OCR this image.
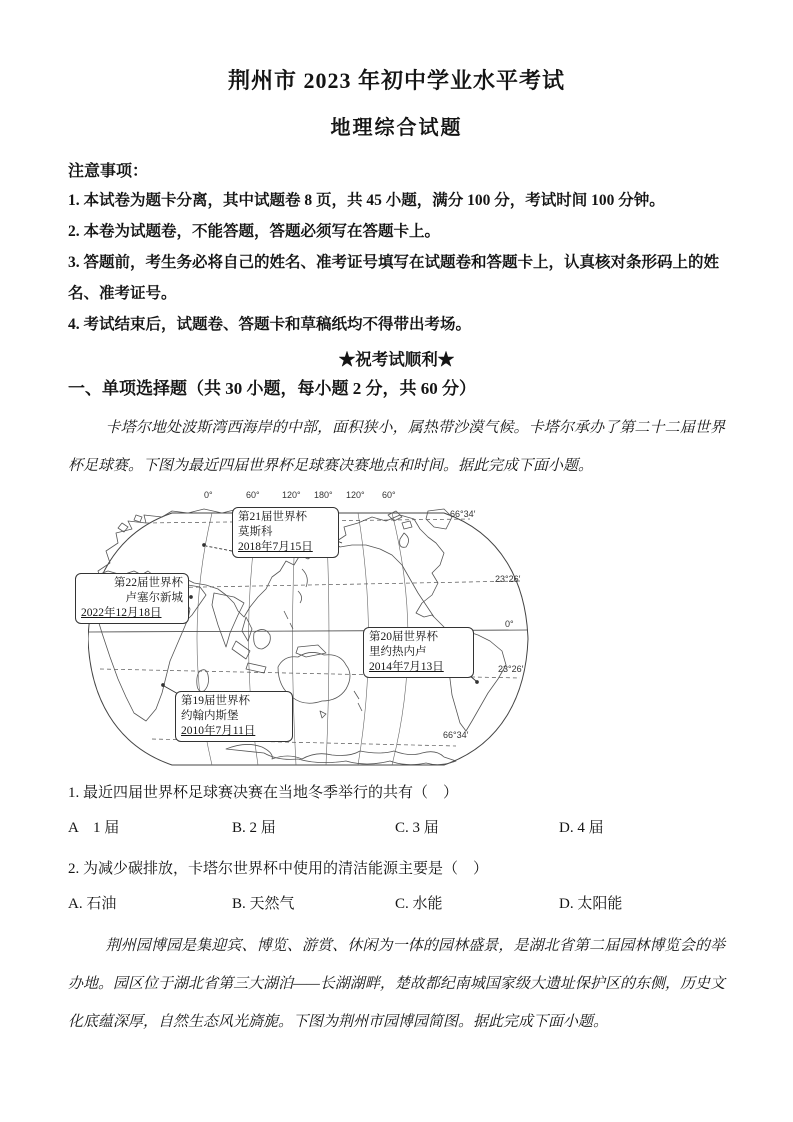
荆州市 2023 年初中学业水平考试
地理综合试题
注意事项：

1. 本试卷为题卡分离，其中试题卷 8 页，共 45 小题，满分 100 分，考试时间 100 分钟。

2. 本卷为试题卷，不能答题，答题必须写在答题卡上。

3. 答题前，考生务必将自己的姓名、准考证号填写在试题卷和答题卡上，认真核对条形码上的姓名、准考证号。

4. 考试结束后，试题卷、答题卡和草稿纸均不得带出考场。

★祝考试顺利★
一、单项选择题（共 30 小题，每小题 2 分，共 60 分）

卡塔尔地处波斯湾西海岸的中部，面积狭小，属热带沙漠气候。卡塔尔承办了第二十二届世界杯足球赛。下图为最近四届世界杯足球赛决赛地点和时间。据此完成下面小题。

0°	60° 120° 180° 120° 60°
66°34′
23°26′
0°
23°26′
66°34′
第21届世界杯
莫斯科
2018年7月15日
第22届世界杯
卢塞尔新城
2022年12月18日
第20届世界杯
里约热内卢
2014年7月13日
第19届世界杯
约翰内斯堡
2010年7月11日

1. 最近四届世界杯足球赛决赛在当地冬季举行的共有（　）

A　1 届	B. 2 届	C. 3 届	D. 4 届

2. 为减少碳排放，卡塔尔世界杯中使用的清洁能源主要是（　）

A. 石油	B. 天然气	C. 水能	D. 太阳能

荆州园博园是集迎宾、博览、游赏、休闲为一体的园林盛景，是湖北省第二届园林博览会的举办地。园区位于湖北省第三大湖泊——长湖湖畔，楚故都纪南城国家级大遗址保护区的东侧，历史文化底蕴深厚，自然生态风光旖旎。下图为荆州市园博园简图。据此完成下面小题。
